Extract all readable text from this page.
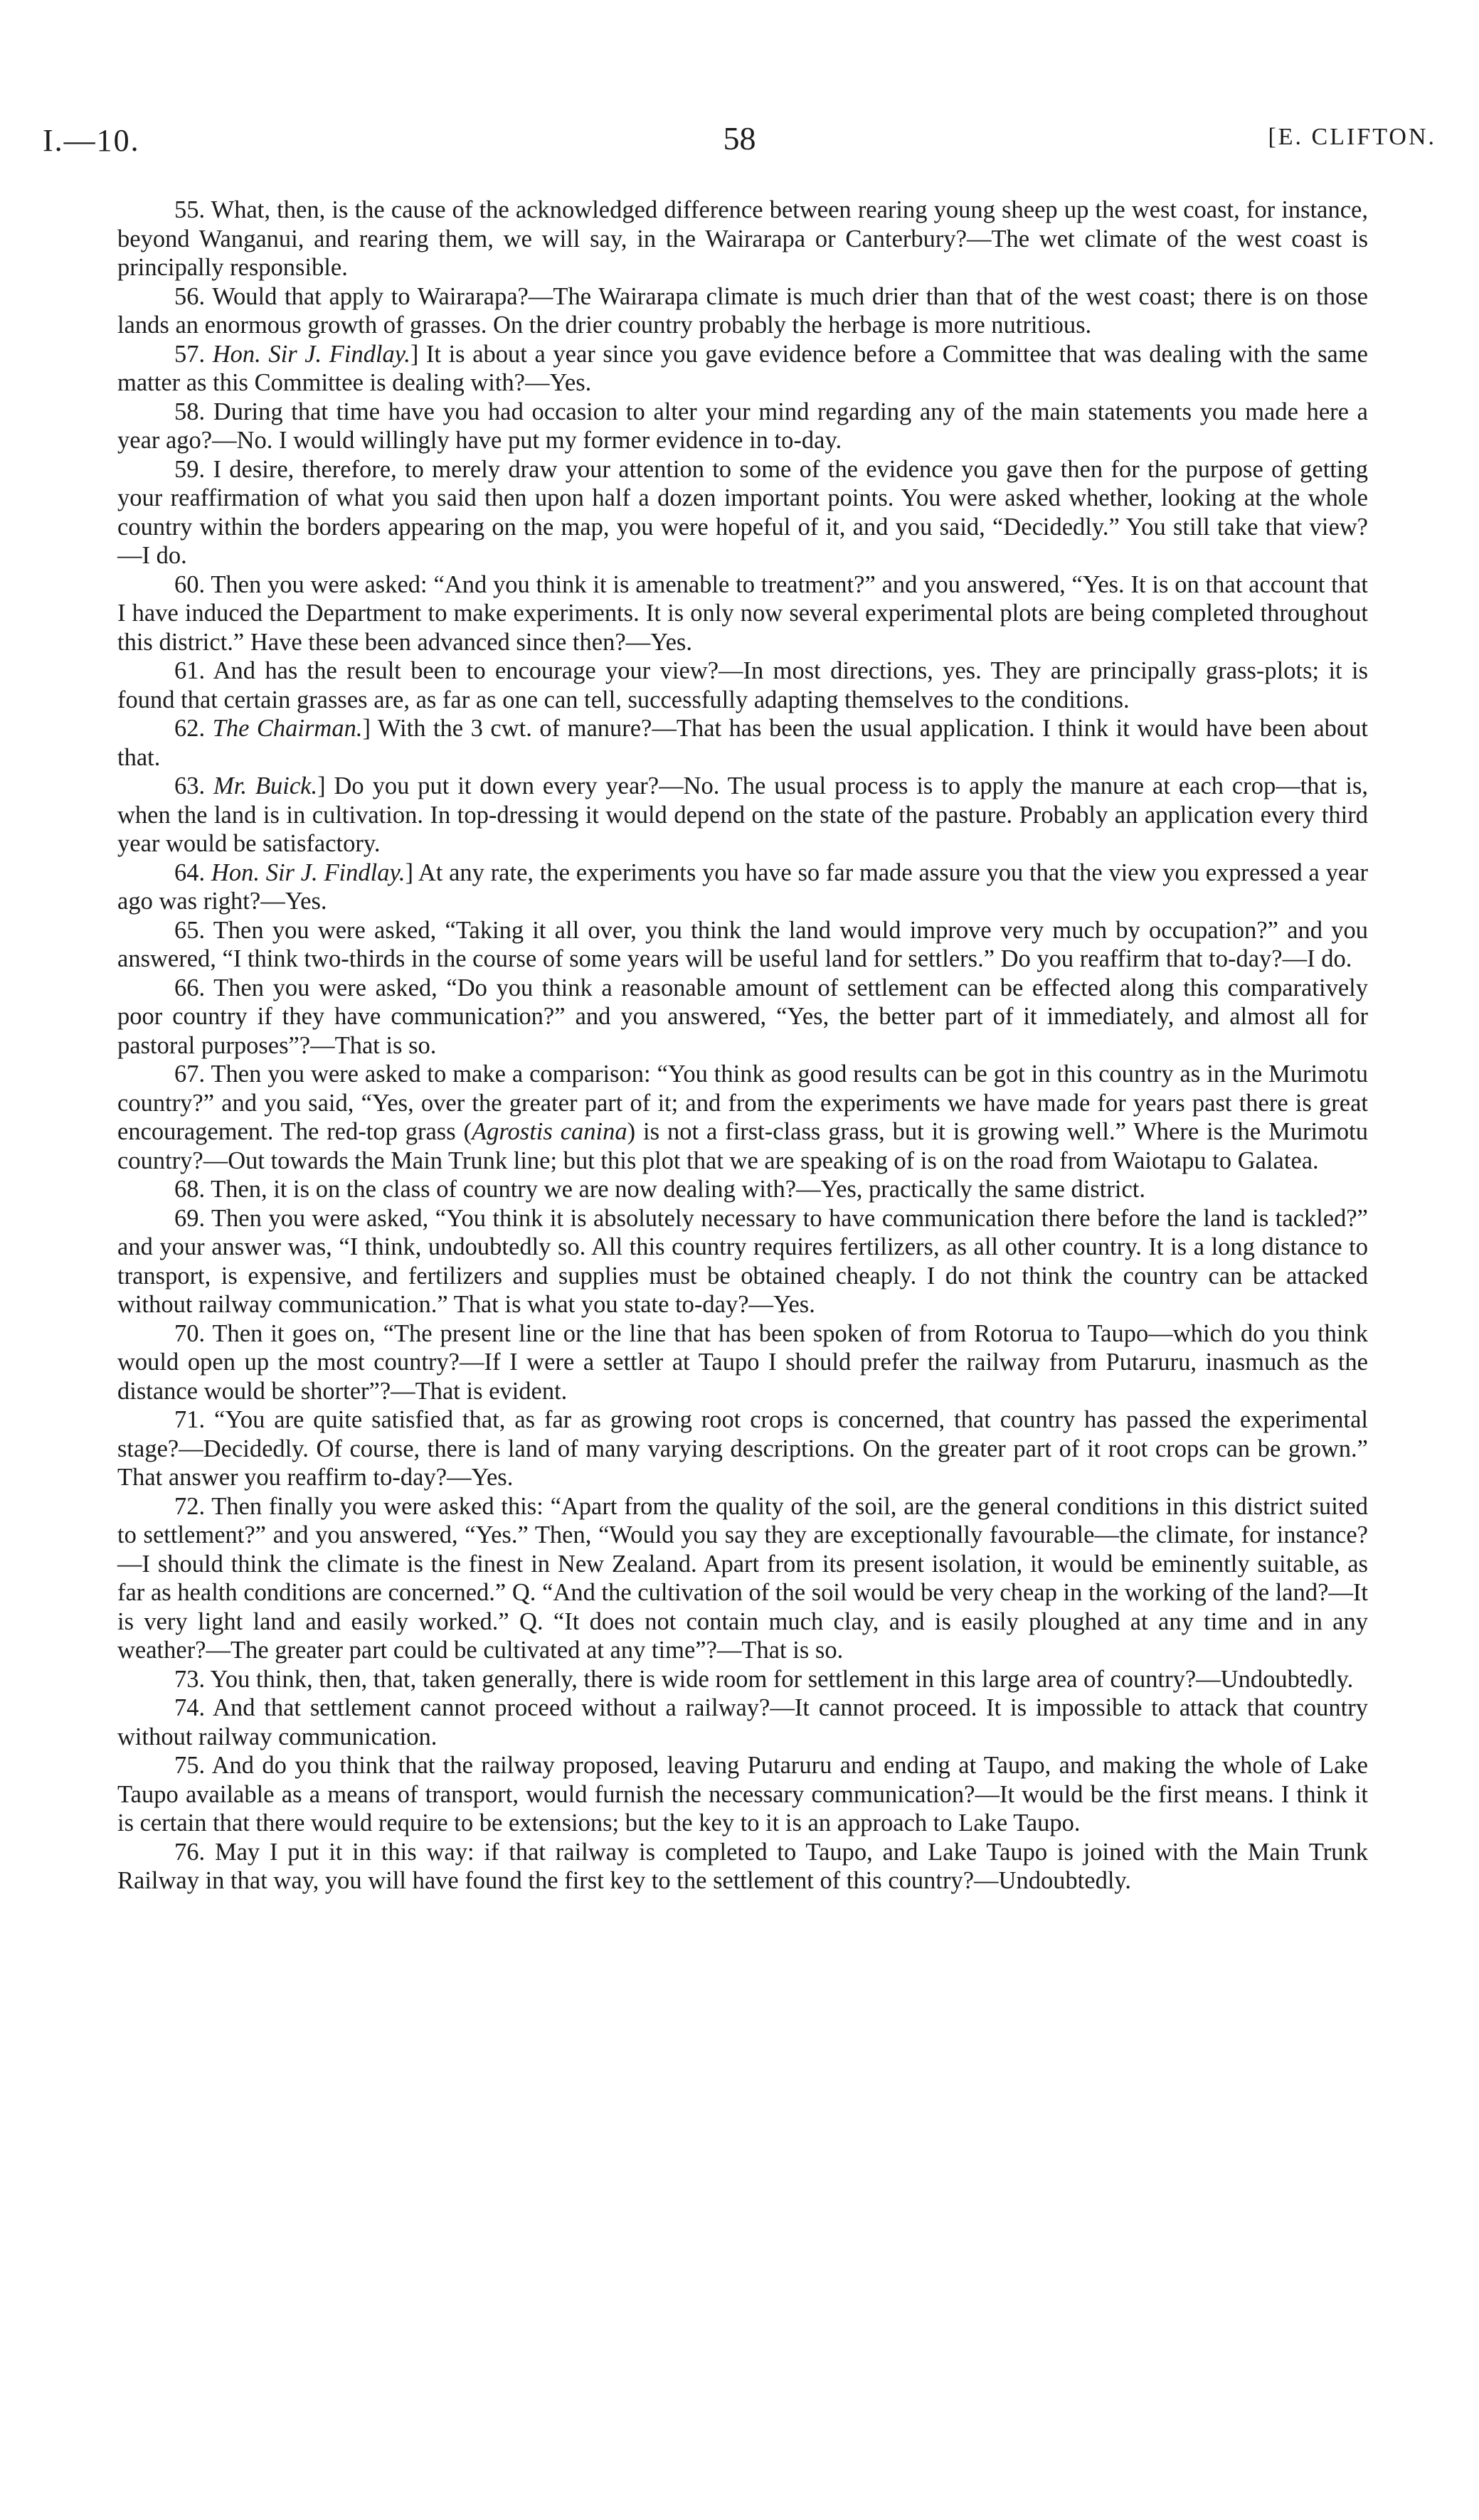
I.—10.	58	[E. CLIFTON.

55. What, then, is the cause of the acknowledged difference between rearing young sheep up the west coast, for instance, beyond Wanganui, and rearing them, we will say, in the Wairarapa or Canterbury?—The wet climate of the west coast is principally responsible.

56. Would that apply to Wairarapa?—The Wairarapa climate is much drier than that of the west coast; there is on those lands an enormous growth of grasses. On the drier country probably the herbage is more nutritious.

57. Hon. Sir J. Findlay.] It is about a year since you gave evidence before a Committee that was dealing with the same matter as this Committee is dealing with?—Yes.

58. During that time have you had occasion to alter your mind regarding any of the main statements you made here a year ago?—No. I would willingly have put my former evidence in to-day.

59. I desire, therefore, to merely draw your attention to some of the evidence you gave then for the purpose of getting your reaffirmation of what you said then upon half a dozen important points. You were asked whether, looking at the whole country within the borders appearing on the map, you were hopeful of it, and you said, “Decidedly.” You still take that view?—I do.

60. Then you were asked: “And you think it is amenable to treatment?” and you answered, “Yes. It is on that account that I have induced the Department to make experiments. It is only now several experimental plots are being completed throughout this district.” Have these been advanced since then?—Yes.

61. And has the result been to encourage your view?—In most directions, yes. They are principally grass-plots; it is found that certain grasses are, as far as one can tell, successfully adapting themselves to the conditions.

62. The Chairman.] With the 3 cwt. of manure?—That has been the usual application. I think it would have been about that.

63. Mr. Buick.] Do you put it down every year?—No. The usual process is to apply the manure at each crop—that is, when the land is in cultivation. In top-dressing it would depend on the state of the pasture. Probably an application every third year would be satisfactory.

64. Hon. Sir J. Findlay.] At any rate, the experiments you have so far made assure you that the view you expressed a year ago was right?—Yes.

65. Then you were asked, “Taking it all over, you think the land would improve very much by occupation?” and you answered, “I think two-thirds in the course of some years will be useful land for settlers.” Do you reaffirm that to-day?—I do.

66. Then you were asked, “Do you think a reasonable amount of settlement can be effected along this comparatively poor country if they have communication?” and you answered, “Yes, the better part of it immediately, and almost all for pastoral purposes”?—That is so.

67. Then you were asked to make a comparison: “You think as good results can be got in this country as in the Murimotu country?” and you said, “Yes, over the greater part of it; and from the experiments we have made for years past there is great encouragement. The red-top grass (Agrostis canina) is not a first-class grass, but it is growing well.” Where is the Murimotu country?—Out towards the Main Trunk line; but this plot that we are speaking of is on the road from Waiotapu to Galatea.

68. Then, it is on the class of country we are now dealing with?—Yes, practically the same district.

69. Then you were asked, “You think it is absolutely necessary to have communication there before the land is tackled?” and your answer was, “I think, undoubtedly so. All this country requires fertilizers, as all other country. It is a long distance to transport, is expensive, and fertilizers and supplies must be obtained cheaply. I do not think the country can be attacked without railway communication.” That is what you state to-day?—Yes.

70. Then it goes on, “The present line or the line that has been spoken of from Rotorua to Taupo—which do you think would open up the most country?—If I were a settler at Taupo I should prefer the railway from Putaruru, inasmuch as the distance would be shorter”?—That is evident.

71. “You are quite satisfied that, as far as growing root crops is concerned, that country has passed the experimental stage?—Decidedly. Of course, there is land of many varying descriptions. On the greater part of it root crops can be grown.” That answer you reaffirm to-day?—Yes.

72. Then finally you were asked this: “Apart from the quality of the soil, are the general conditions in this district suited to settlement?” and you answered, “Yes.” Then, “Would you say they are exceptionally favourable—the climate, for instance?—I should think the climate is the finest in New Zealand. Apart from its present isolation, it would be eminently suitable, as far as health conditions are concerned.” Q. “And the cultivation of the soil would be very cheap in the working of the land?—It is very light land and easily worked.” Q. “It does not contain much clay, and is easily ploughed at any time and in any weather?—The greater part could be cultivated at any time”?—That is so.

73. You think, then, that, taken generally, there is wide room for settlement in this large area of country?—Undoubtedly.

74. And that settlement cannot proceed without a railway?—It cannot proceed. It is impossible to attack that country without railway communication.

75. And do you think that the railway proposed, leaving Putaruru and ending at Taupo, and making the whole of Lake Taupo available as a means of transport, would furnish the necessary communication?—It would be the first means. I think it is certain that there would require to be extensions; but the key to it is an approach to Lake Taupo.

76. May I put it in this way: if that railway is completed to Taupo, and Lake Taupo is joined with the Main Trunk Railway in that way, you will have found the first key to the settlement of this country?—Undoubtedly.
